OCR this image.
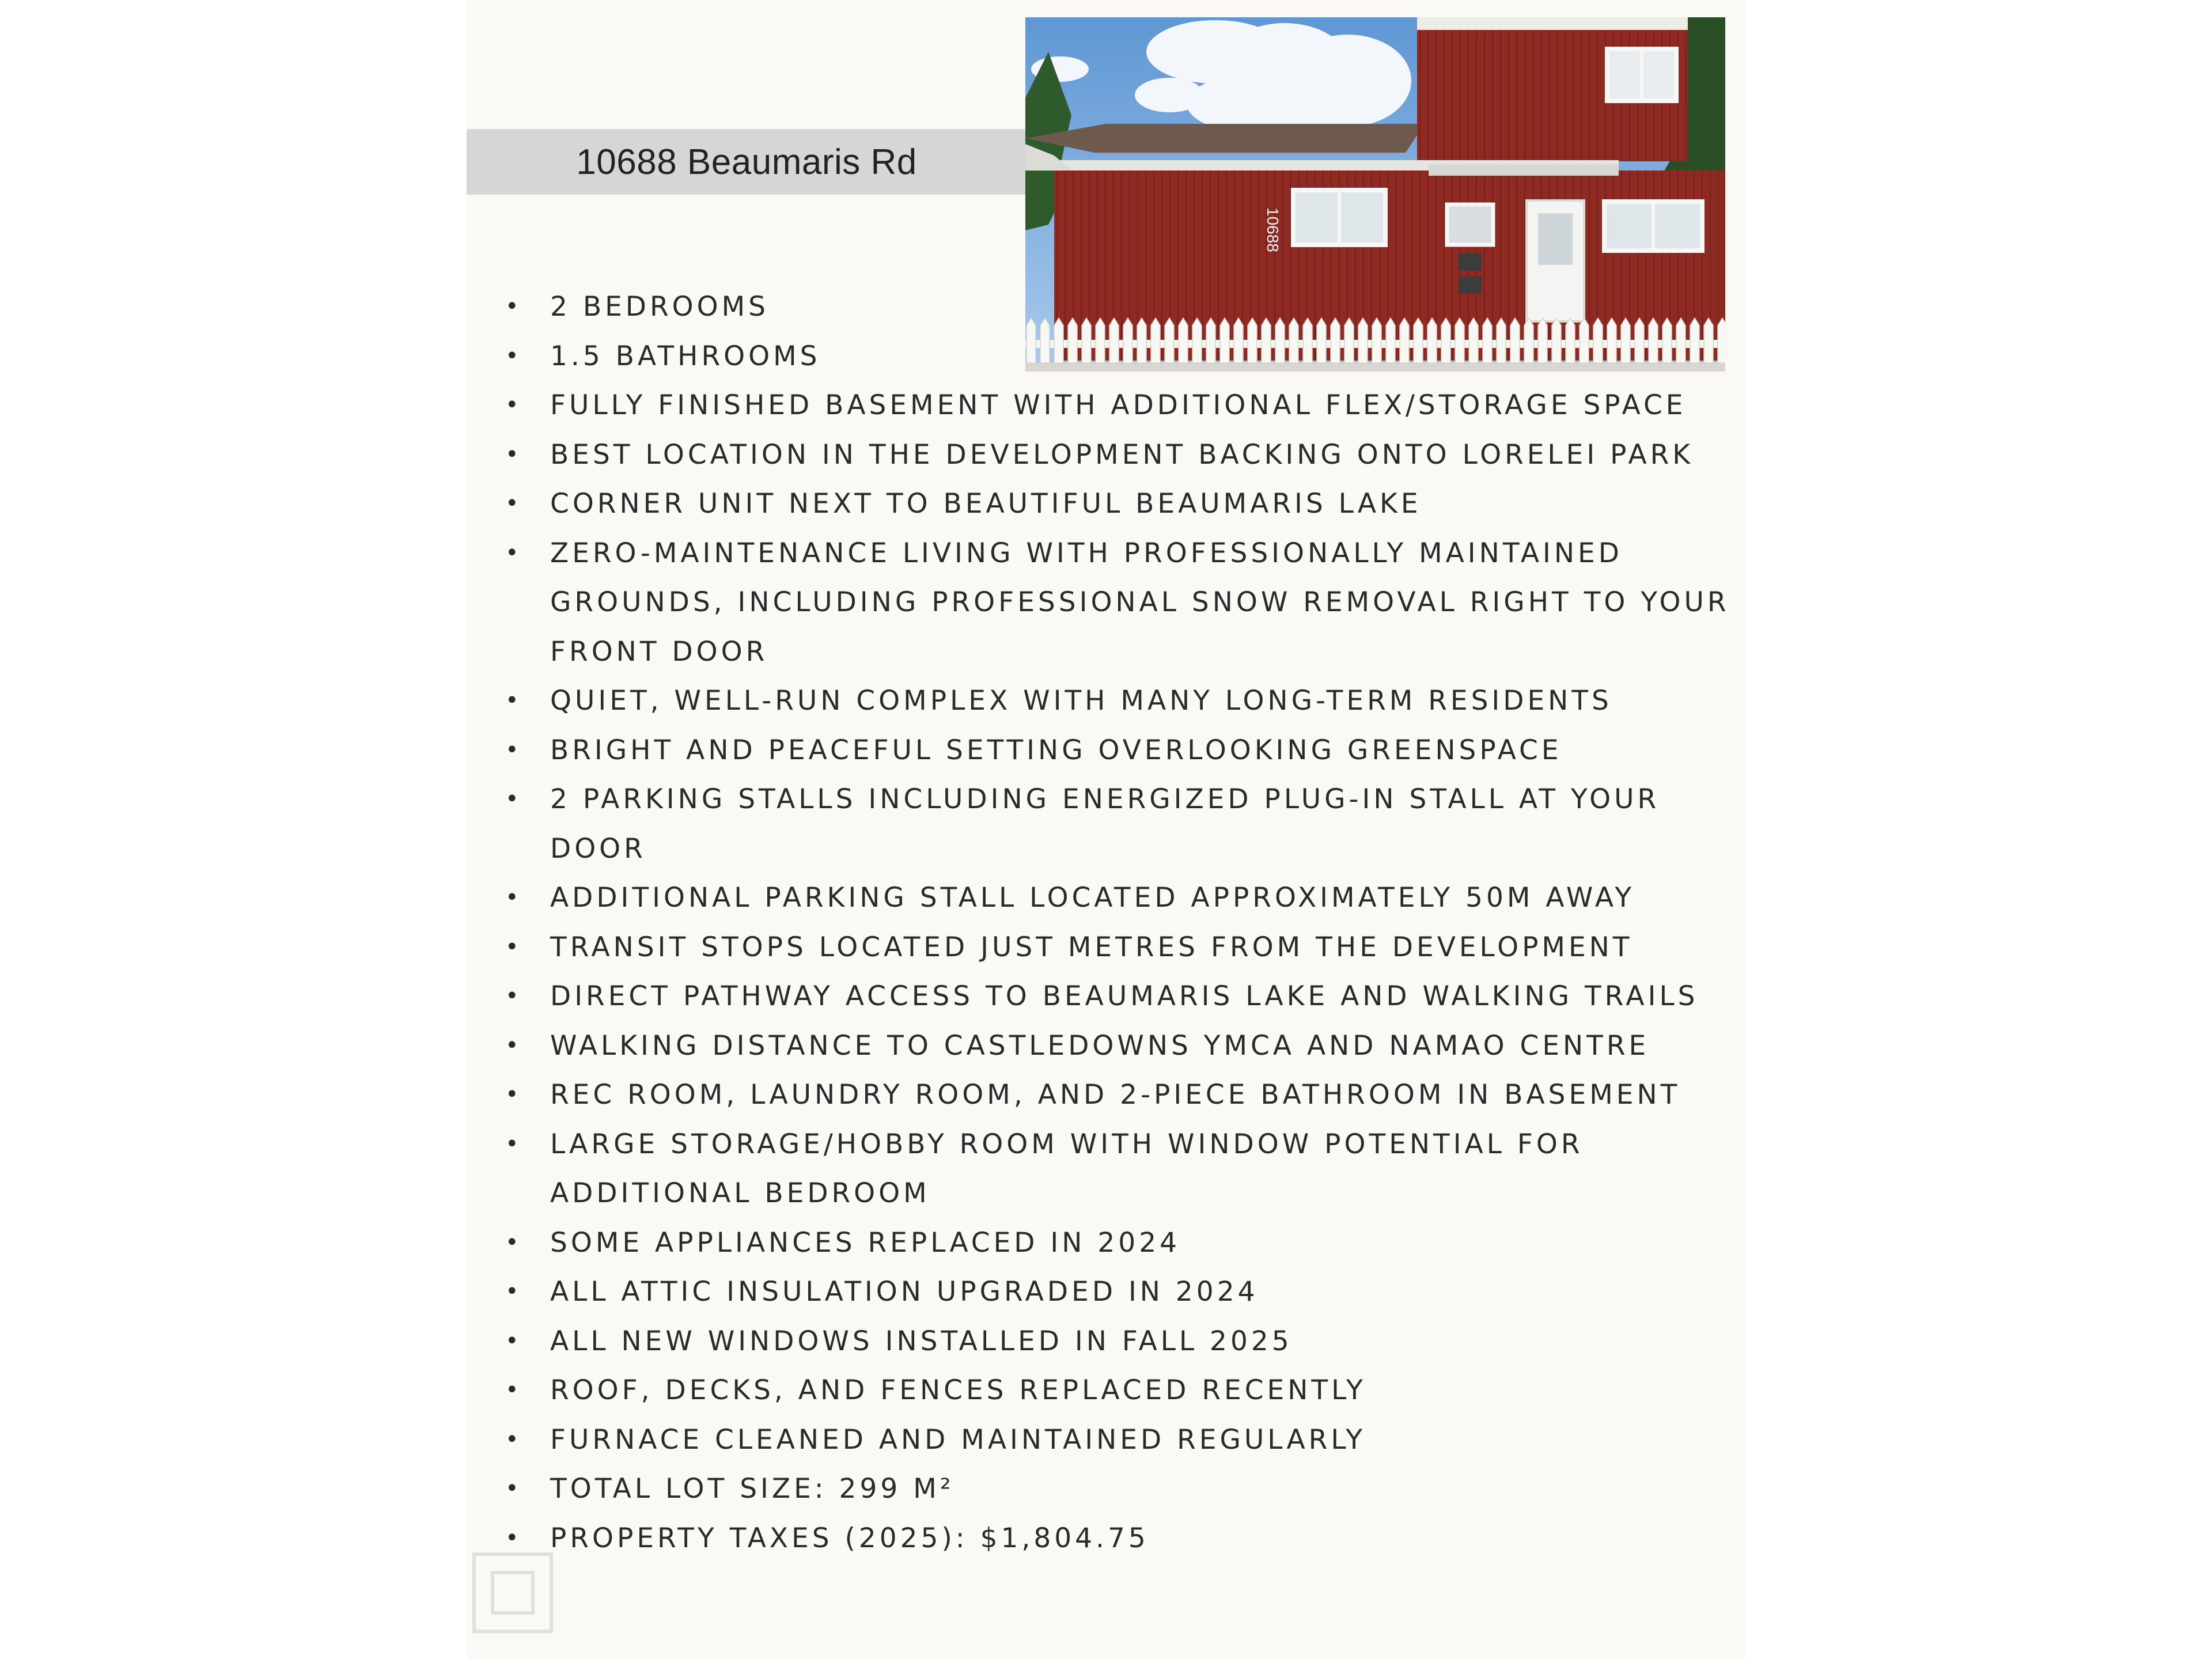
10688 Beaumaris Rd
10688
• 2 BEDROOMS
• 1.5 BATHROOMS
• FULLY FINISHED BASEMENT WITH ADDITIONAL FLEX/STORAGE SPACE
• BEST LOCATION IN THE DEVELOPMENT BACKING ONTO LORELEI PARK
• CORNER UNIT NEXT TO BEAUTIFUL BEAUMARIS LAKE
• ZERO-MAINTENANCE LIVING WITH PROFESSIONALLY MAINTAINED GROUNDS, INCLUDING PROFESSIONAL SNOW REMOVAL RIGHT TO YOUR FRONT DOOR
• QUIET, WELL-RUN COMPLEX WITH MANY LONG-TERM RESIDENTS
• BRIGHT AND PEACEFUL SETTING OVERLOOKING GREENSPACE
• 2 PARKING STALLS INCLUDING ENERGIZED PLUG-IN STALL AT YOUR DOOR
• ADDITIONAL PARKING STALL LOCATED APPROXIMATELY 50M AWAY
• TRANSIT STOPS LOCATED JUST METRES FROM THE DEVELOPMENT
• DIRECT PATHWAY ACCESS TO BEAUMARIS LAKE AND WALKING TRAILS
• WALKING DISTANCE TO CASTLEDOWNS YMCA AND NAMAO CENTRE
• REC ROOM, LAUNDRY ROOM, AND 2-PIECE BATHROOM IN BASEMENT
• LARGE STORAGE/HOBBY ROOM WITH WINDOW POTENTIAL FOR ADDITIONAL BEDROOM
• SOME APPLIANCES REPLACED IN 2024
• ALL ATTIC INSULATION UPGRADED IN 2024
• ALL NEW WINDOWS INSTALLED IN FALL 2025
• ROOF, DECKS, AND FENCES REPLACED RECENTLY
• FURNACE CLEANED AND MAINTAINED REGULARLY
• TOTAL LOT SIZE: 299 M²
• PROPERTY TAXES (2025): $1,804.75
